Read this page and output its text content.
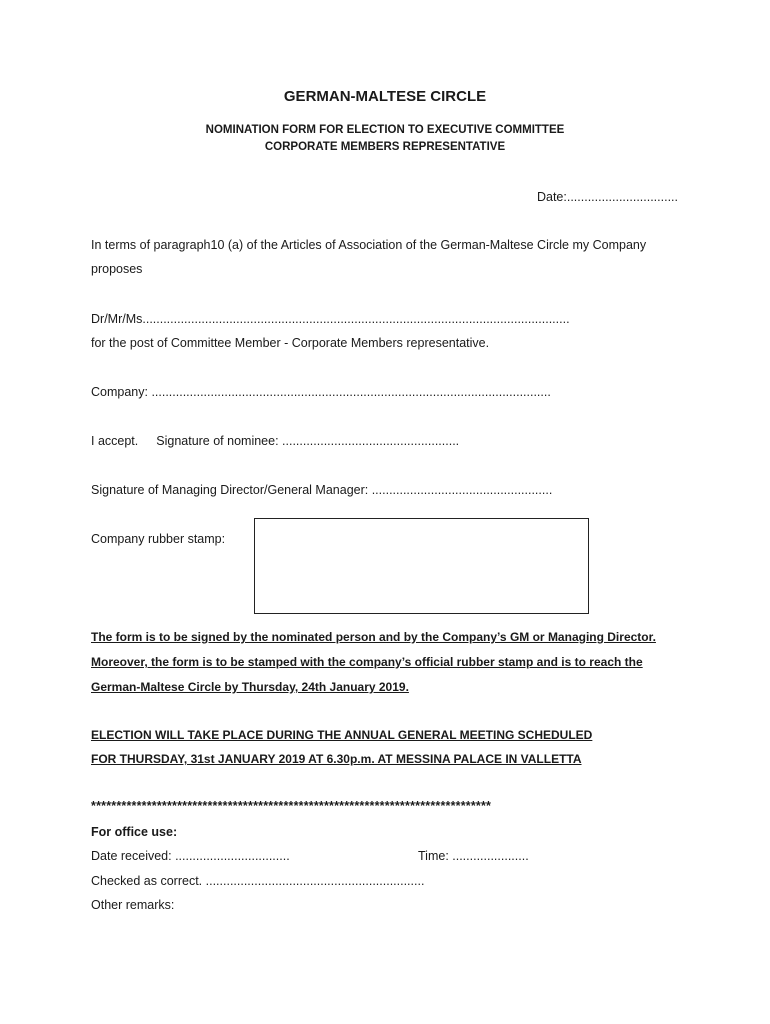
GERMAN-MALTESE CIRCLE
NOMINATION FORM FOR ELECTION TO EXECUTIVE COMMITTEE
CORPORATE MEMBERS REPRESENTATIVE
Date:................................
In terms of paragraph10 (a) of the Articles of Association of the German-Maltese Circle my Company
proposes
Dr/Mr/Ms...........................................................................................................................
for the post of Committee Member - Corporate Members representative.
Company: ...................................................................................................................
I accept. Signature of nominee: ...................................................
Signature of Managing Director/General Manager: ....................................................
Company rubber stamp:
The form is to be signed by the nominated person and by the Company’s GM or Managing Director.
Moreover, the form is to be stamped with the company’s official rubber stamp and is to reach the
German-Maltese Circle by Thursday, 24th January 2019.
ELECTION WILL TAKE PLACE DURING THE ANNUAL GENERAL MEETING SCHEDULED
FOR THURSDAY, 31st JANUARY 2019 AT 6.30p.m. AT MESSINA PALACE IN VALLETTA
*******************************************************************************
For office use:
Date received: .................................	Time: ......................
Checked as correct. ...............................................................
Other remarks:
